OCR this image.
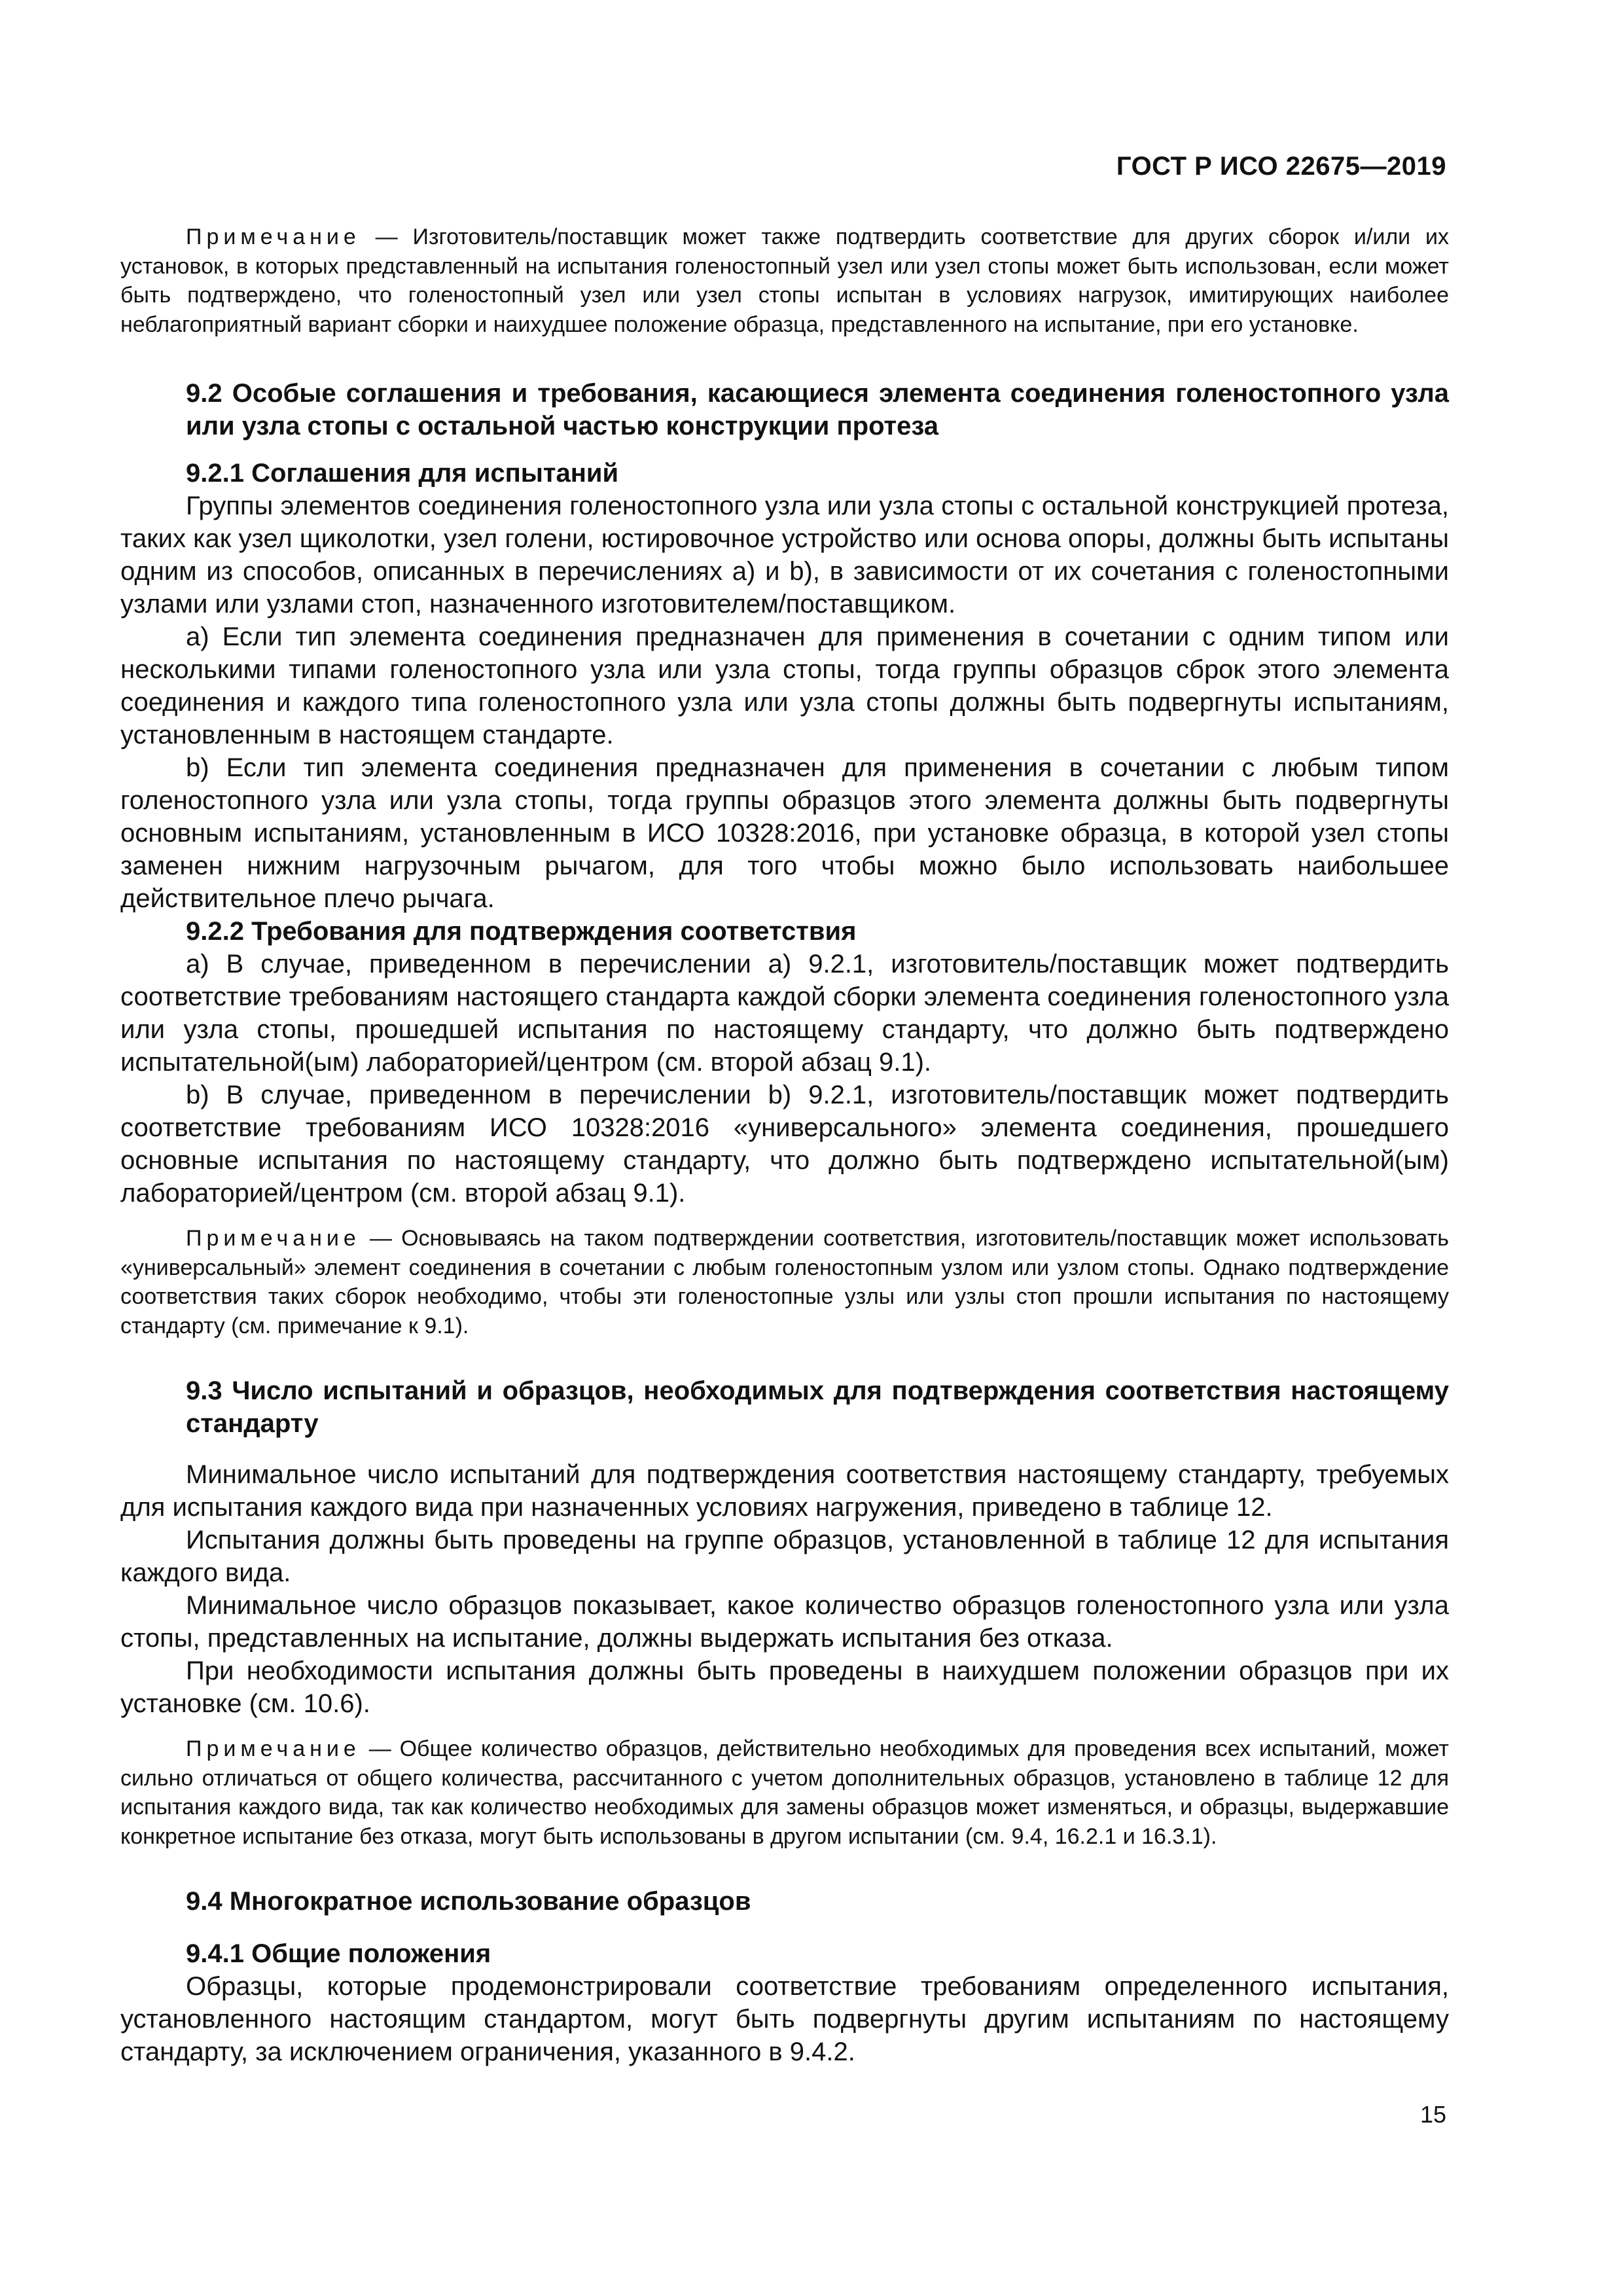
ГОСТ Р ИСО 22675—2019

Примечание — Изготовитель/поставщик может также подтвердить соответствие для других сборок и/или их установок, в которых представленный на испытания голеностопный узел или узел стопы может быть использован, если может быть подтверждено, что голеностопный узел или узел стопы испытан в условиях нагрузок, имитирующих наиболее неблагоприятный вариант сборки и наихудшее положение образца, представленного на испытание, при его установке.

9.2 Особые соглашения и требования, касающиеся элемента соединения голеностопного узла или узла стопы с остальной частью конструкции протеза

9.2.1 Соглашения для испытаний

Группы элементов соединения голеностопного узла или узла стопы с остальной конструкцией протеза, таких как узел щиколотки, узел голени, юстировочное устройство или основа опоры, должны быть испытаны одним из способов, описанных в перечислениях а) и b), в зависимости от их сочетания с голеностопными узлами или узлами стоп, назначенного изготовителем/поставщиком.

а) Если тип элемента соединения предназначен для применения в сочетании с одним типом или несколькими типами голеностопного узла или узла стопы, тогда группы образцов сброк этого элемента соединения и каждого типа голеностопного узла или узла стопы должны быть подвергнуты испытаниям, установленным в настоящем стандарте.

b) Если тип элемента соединения предназначен для применения в сочетании с любым типом голеностопного узла или узла стопы, тогда группы образцов этого элемента должны быть подвергнуты основным испытаниям, установленным в ИСО 10328:2016, при установке образца, в которой узел стопы заменен нижним нагрузочным рычагом, для того чтобы можно было использовать наибольшее действительное плечо рычага.

9.2.2 Требования для подтверждения соответствия

а) В случае, приведенном в перечислении а) 9.2.1, изготовитель/поставщик может подтвердить соответствие требованиям настоящего стандарта каждой сборки элемента соединения голеностопного узла или узла стопы, прошедшей испытания по настоящему стандарту, что должно быть подтверждено испытательной(ым) лабораторией/центром (см. второй абзац 9.1).

b) В случае, приведенном в перечислении b) 9.2.1, изготовитель/поставщик может подтвердить соответствие требованиям ИСО 10328:2016 «универсального» элемента соединения, прошедшего основные испытания по настоящему стандарту, что должно быть подтверждено испытательной(ым) лабораторией/центром (см. второй абзац 9.1).

Примечание — Основываясь на таком подтверждении соответствия, изготовитель/поставщик может использовать «универсальный» элемент соединения в сочетании с любым голеностопным узлом или узлом стопы. Однако подтверждение соответствия таких сборок необходимо, чтобы эти голеностопные узлы или узлы стоп прошли испытания по настоящему стандарту (см. примечание к 9.1).

9.3 Число испытаний и образцов, необходимых для подтверждения соответствия настоящему стандарту

Минимальное число испытаний для подтверждения соответствия настоящему стандарту, требуемых для испытания каждого вида при назначенных условиях нагружения, приведено в таблице 12.

Испытания должны быть проведены на группе образцов, установленной в таблице 12 для испытания каждого вида.

Минимальное число образцов показывает, какое количество образцов голеностопного узла или узла стопы, представленных на испытание, должны выдержать испытания без отказа.

При необходимости испытания должны быть проведены в наихудшем положении образцов при их установке (см. 10.6).

Примечание — Общее количество образцов, действительно необходимых для проведения всех испытаний, может сильно отличаться от общего количества, рассчитанного с учетом дополнительных образцов, установлено в таблице 12 для испытания каждого вида, так как количество необходимых для замены образцов может изменяться, и образцы, выдержавшие конкретное испытание без отказа, могут быть использованы в другом испытании (см. 9.4, 16.2.1 и 16.3.1).

9.4 Многократное использование образцов

9.4.1 Общие положения

Образцы, которые продемонстрировали соответствие требованиям определенного испытания, установленного настоящим стандартом, могут быть подвергнуты другим испытаниям по настоящему стандарту, за исключением ограничения, указанного в 9.4.2.

15
